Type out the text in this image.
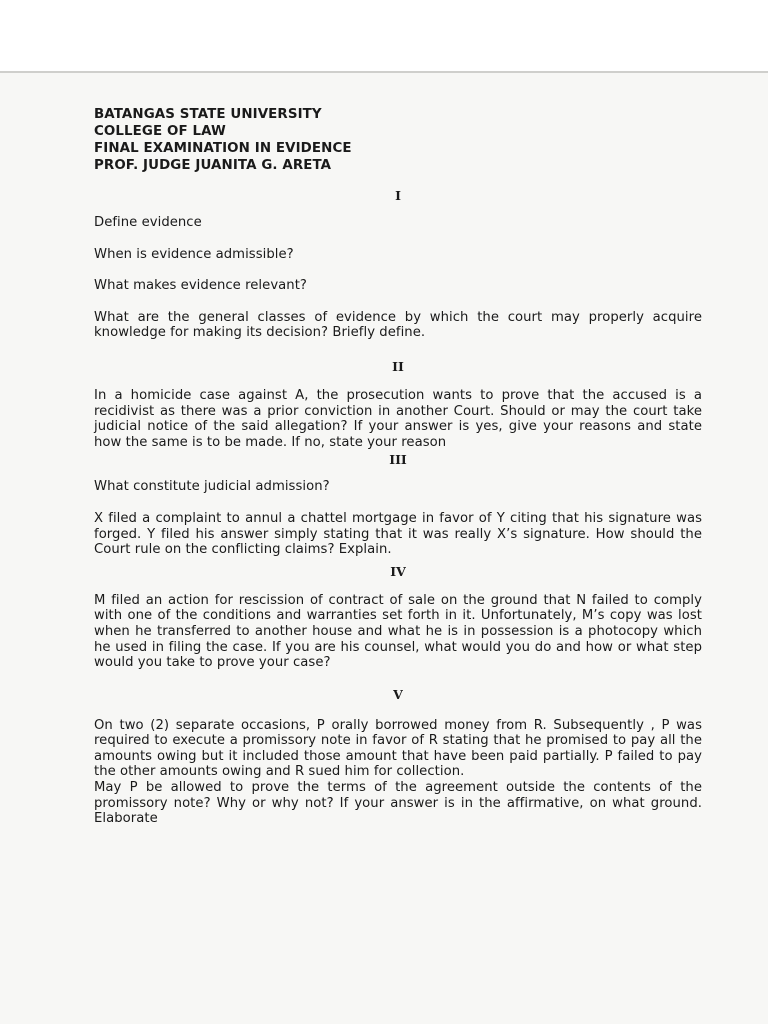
BATANGAS STATE UNIVERSITY

COLLEGE OF LAW

FINAL EXAMINATION IN EVIDENCE

PROF. JUDGE JUANITA G. ARETA

I

Define evidence

When is evidence admissible?

What makes evidence relevant?

What are the general classes of evidence by which the court may properly acquire knowledge for making its decision? Briefly define.

II

In a homicide case against A, the prosecution wants to prove that the accused is a recidivist as there was a prior conviction in another Court. Should or may the court take judicial notice of the said allegation? If your answer is yes, give your reasons and state how the same is to be made. If no, state your reason

III

What constitute judicial admission?

X filed a complaint to annul a chattel mortgage in favor of Y citing that his signature was forged. Y filed his answer simply stating that it was really X’s signature. How should the Court rule on the conflicting claims? Explain.

IV

M filed an action for rescission of contract of sale on the ground that N failed to comply with one of the conditions and warranties set forth in it. Unfortunately, M’s copy was lost when he transferred to another house and what he is in possession is a photocopy which he used in filing the case. If you are his counsel, what would you do and how or what step would you take to prove your case?

V

On two (2) separate occasions, P orally borrowed money from R. Subsequently , P was required to execute a promissory note in favor of R stating that he promised to pay all the amounts owing but it included those amount that have been paid partially. P failed to pay the other amounts owing and R sued him for collection.

May P be allowed to prove the terms of the agreement outside the contents of the promissory note? Why or why not? If your answer is in the affirmative, on what ground. Elaborate
